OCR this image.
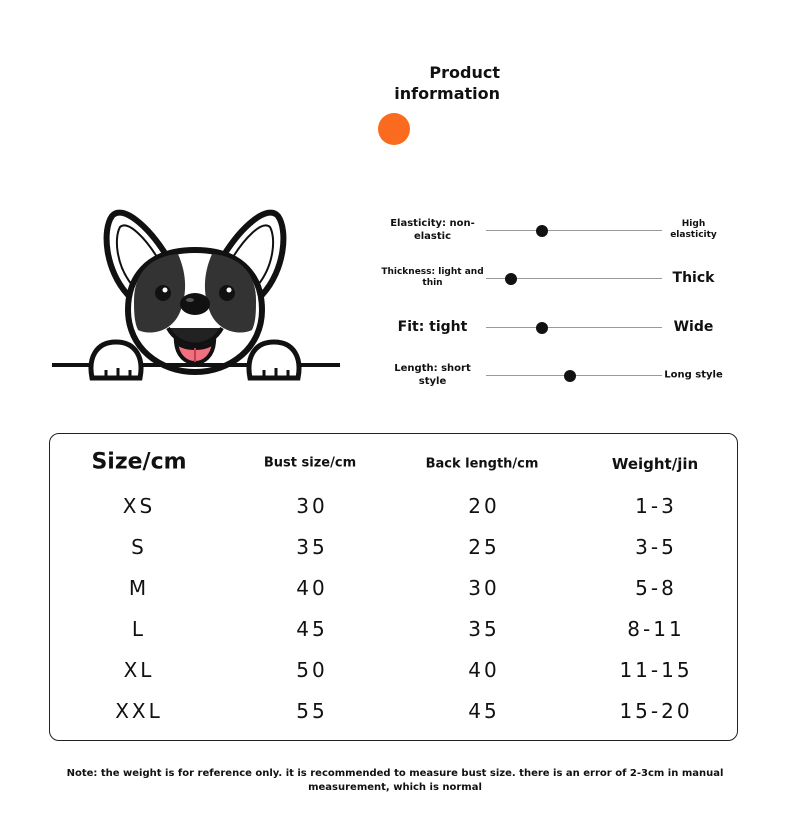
Product
information
Elasticity: non-elastic
High elasticity
Thickness: light and thin	Thick
Fit: tight	Wide
Length: short style
Long style
Size/cm	Bust size/cm	Back length/cm	Weight/jin
XS	30	20	1-3
S	35	25	3-5
M	40	30	5-8
L	45	35	8-11
XL	50	40	11-15
XXL	55	45	15-20
Note: the weight is for reference only. it is recommended to measure bust size. there is an error of 2-3cm in manual measurement, which is normal
